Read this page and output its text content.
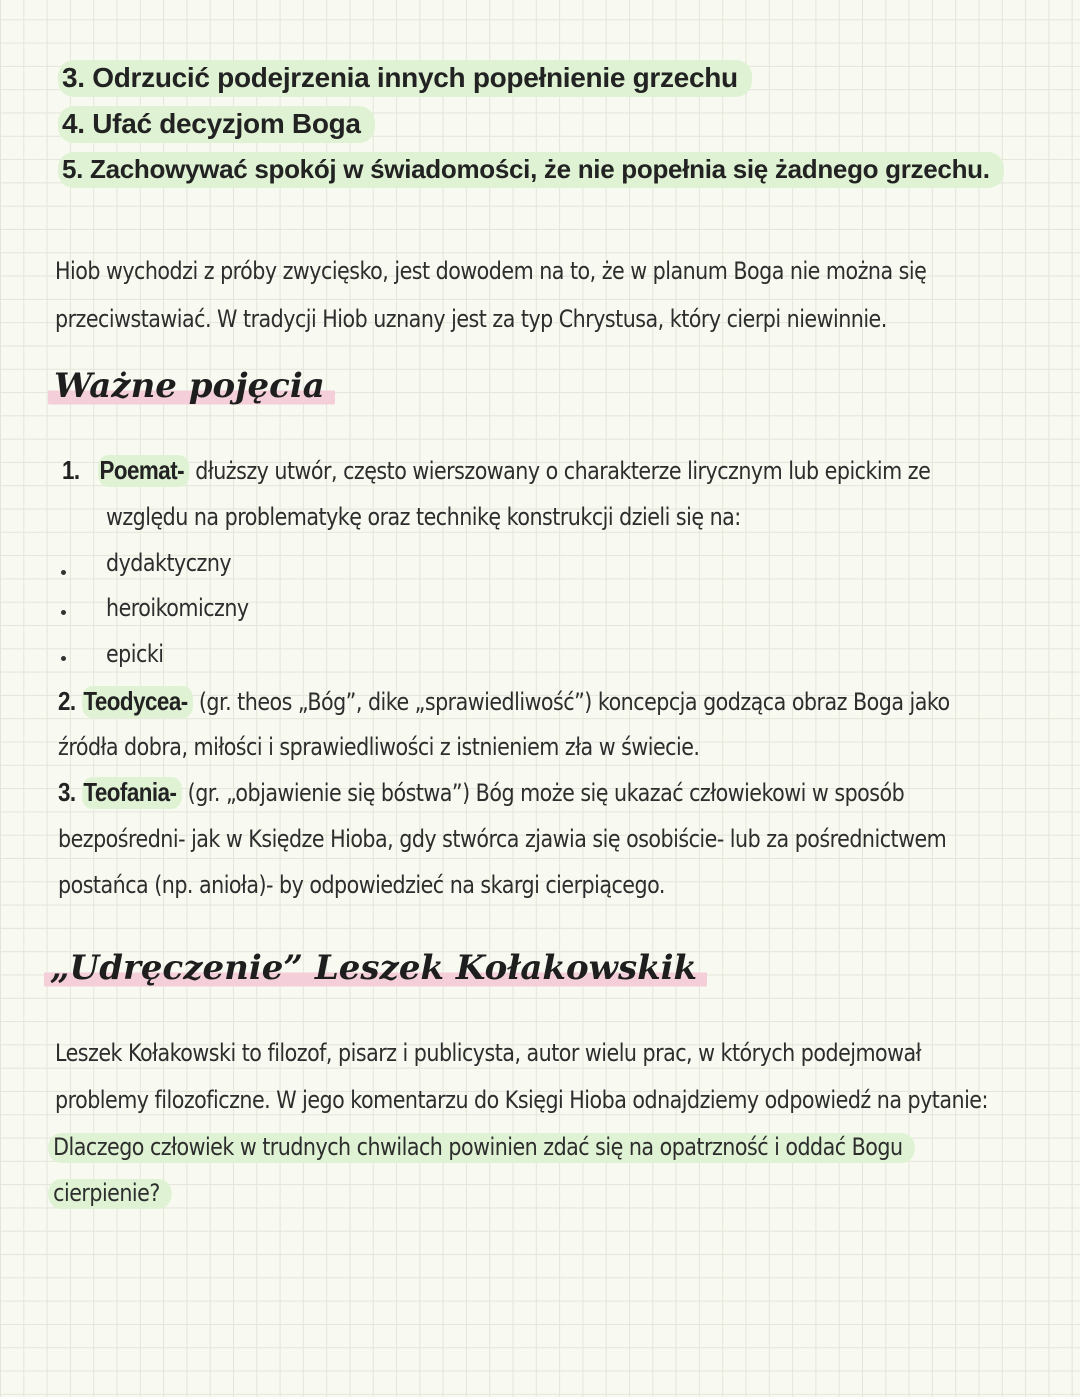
3. Odrzucić podejrzenia innych popełnienie grzechu
4. Ufać decyzjom Boga
5. Zachowywać spokój w świadomości, że nie popełnia się żadnego grzechu.
Hiob wychodzi z próby zwycięsko, jest dowodem na to, że w planum Boga nie można się
przeciwstawiać. W tradycji Hiob uznany jest za typ Chrystusa, który cierpi niewinnie.
Ważne pojęcia
1. Poemat- dłuższy utwór, często wierszowany o charakterze lirycznym lub epickim ze
względu na problematykę oraz technikę konstrukcji dzieli się na:
dydaktyczny
heroikomiczny
epicki
2. Teodycea- (gr. theos „Bóg”, dike „sprawiedliwość”) koncepcja godząca obraz Boga jako
źródła dobra, miłości i sprawiedliwości z istnieniem zła w świecie.
3. Teofania- (gr. „objawienie się bóstwa”) Bóg może się ukazać człowiekowi w sposób
bezpośredni- jak w Księdze Hioba, gdy stwórca zjawia się osobiście- lub za pośrednictwem
postańca (np. anioła)- by odpowiedzieć na skargi cierpiącego.
„Udręczenie” Leszek Kołakowskik
Leszek Kołakowski to filozof, pisarz i publicysta, autor wielu prac, w których podejmował
problemy filozoficzne. W jego komentarzu do Księgi Hioba odnajdziemy odpowiedź na pytanie:
Dlaczego człowiek w trudnych chwilach powinien zdać się na opatrzność i oddać Bogu
cierpienie?
